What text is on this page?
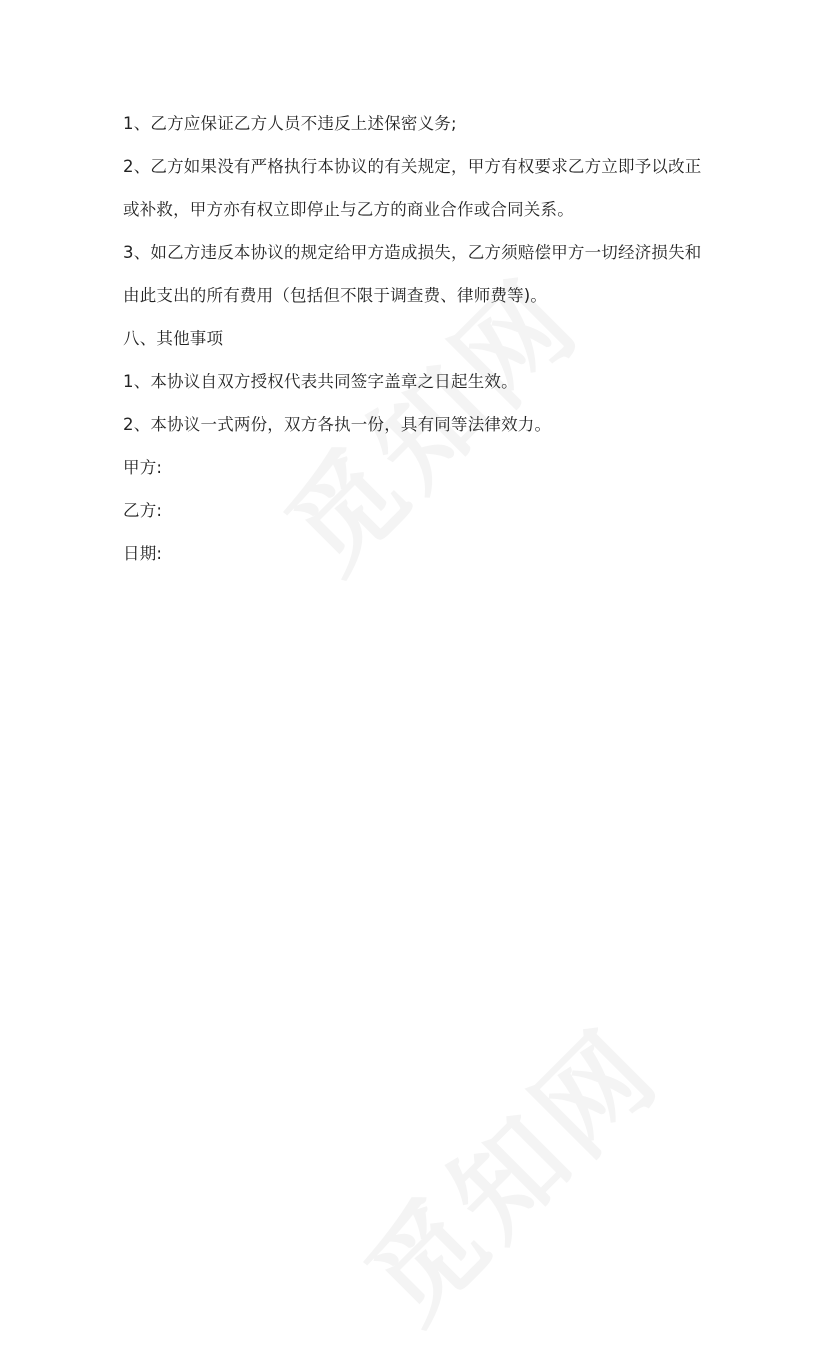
1、乙方应保证乙方人员不违反上述保密义务;
2、乙方如果没有严格执行本协议的有关规定，甲方有权要求乙方立即予以改正
或补救，甲方亦有权立即停止与乙方的商业合作或合同关系。
3、如乙方违反本协议的规定给甲方造成损失，乙方须赔偿甲方一切经济损失和
由此支出的所有费用（包括但不限于调查费、律师费等)。
八、其他事项
1、本协议自双方授权代表共同签字盖章之日起生效。
2、本协议一式两份，双方各执一份，具有同等法律效力。
甲方:
乙方:
日期:
